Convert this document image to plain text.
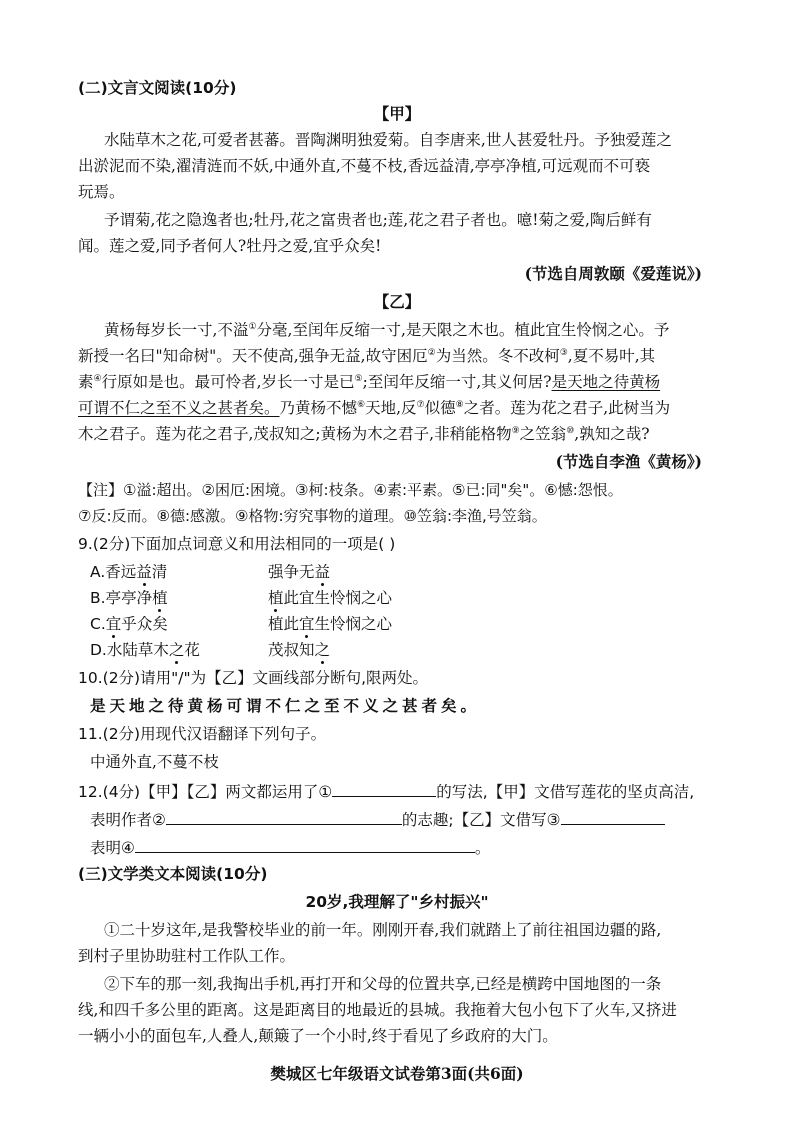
(二)文言文阅读(10分)
【甲】
水陆草木之花,可爱者甚蕃。晋陶渊明独爱菊。自李唐来,世人甚爱牡丹。予独爱莲之
出淤泥而不染,濯清涟而不妖,中通外直,不蔓不枝,香远益清,亭亭净植,可远观而不可亵
玩焉。
予谓菊,花之隐逸者也;牡丹,花之富贵者也;莲,花之君子者也。噫!菊之爱,陶后鲜有
闻。莲之爱,同予者何人?牡丹之爱,宜乎众矣!
(节选自周敦颐《爱莲说》)
【乙】
黄杨每岁长一寸,不溢①分毫,至闰年反缩一寸,是天限之木也。植此宜生怜悯之心。予
新授一名曰"知命树"。天不使高,强争无益,故守困厄②为当然。冬不改柯③,夏不易叶,其
素④行原如是也。最可怜者,岁长一寸是已⑤;至闰年反缩一寸,其义何居?是天地之待黄杨
可谓不仁之至不义之甚者矣。乃黄杨不憾⑥天地,反⑦似德⑧之者。莲为花之君子,此树当为
木之君子。莲为花之君子,茂叔知之;黄杨为木之君子,非稍能格物⑨之笠翁⑩,孰知之哉?
(节选自李渔《黄杨》)
【注】①溢:超出。②困厄:困境。③柯:枝条。④素:平素。⑤已:同"矣"。⑥憾:怨恨。
⑦反:反而。⑧德:感激。⑨格物:穷究事物的道理。⑩笠翁:李渔,号笠翁。
9.(2分)下面加点词意义和用法相同的一项是( )
A.香远益清	强争无益
B.亭亭净植	植此宜生怜悯之心
C.宜乎众矣	植此宜生怜悯之心
D.水陆草木之花	茂叔知之
10.(2分)请用"/"为【乙】文画线部分断句,限两处。
是天地之待黄杨可谓不仁之至不义之甚者矣。
11.(2分)用现代汉语翻译下列句子。
中通外直,不蔓不枝
12.(4分)【甲】【乙】两文都运用了①	的写法,【甲】文借写莲花的坚贞高洁,
表明作者②	的志趣;【乙】文借写③
表明④	。
(三)文学类文本阅读(10分)
20岁,我理解了"乡村振兴"
①二十岁这年,是我警校毕业的前一年。刚刚开春,我们就踏上了前往祖国边疆的路,
到村子里协助驻村工作队工作。
②下车的那一刻,我掏出手机,再打开和父母的位置共享,已经是横跨中国地图的一条
线,和四千多公里的距离。这是距离目的地最近的县城。我拖着大包小包下了火车,又挤进
一辆小小的面包车,人叠人,颠簸了一个小时,终于看见了乡政府的大门。
樊城区七年级语文试卷第3面(共6面)
